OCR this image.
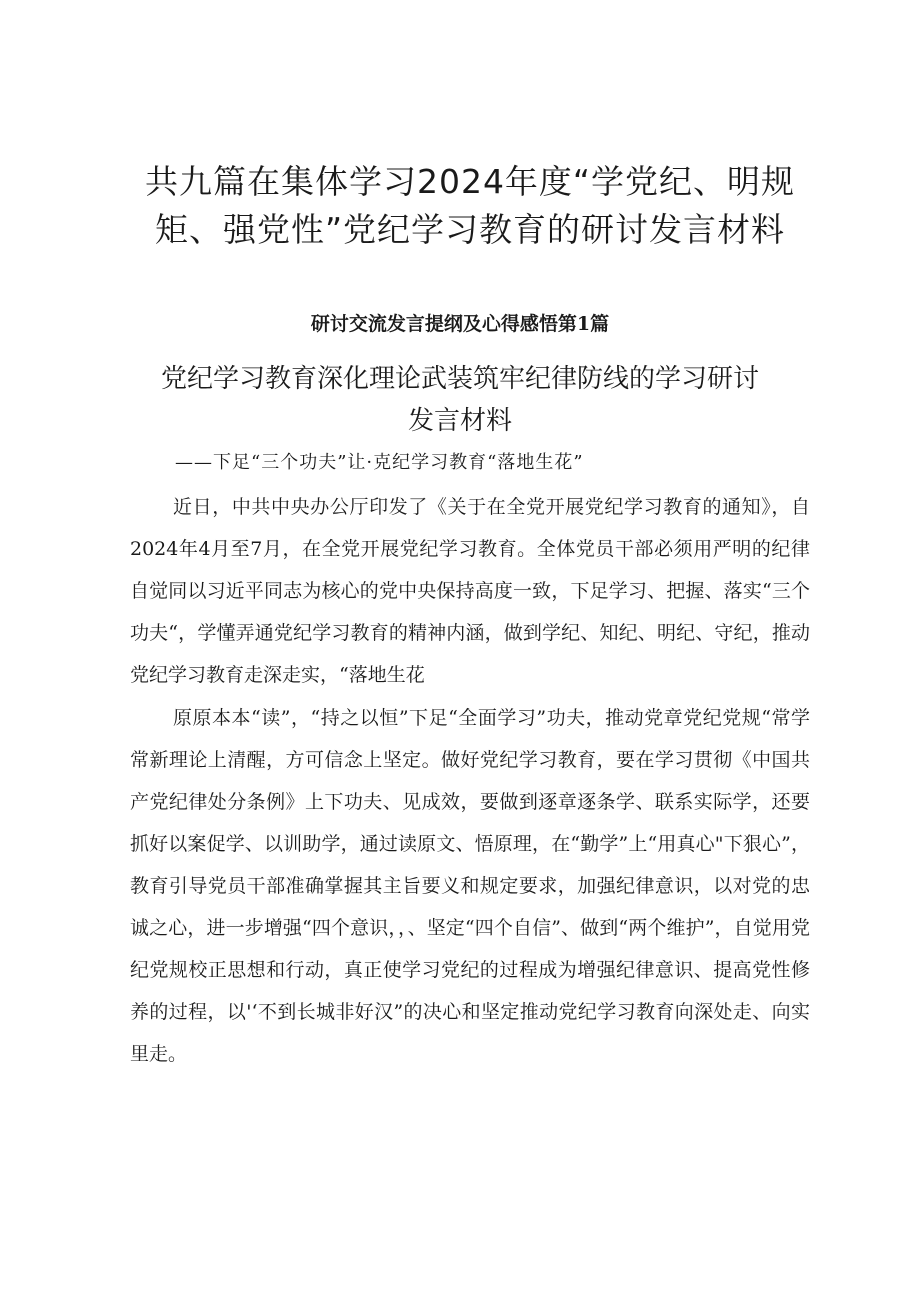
共九篇在集体学习2024年度“学党纪、明规矩、强党性”党纪学习教育的研讨发言材料
研讨交流发言提纲及心得感悟第1篇
党纪学习教育深化理论武装筑牢纪律防线的学习研讨发言材料

——下足“三个功夫”让·克纪学习教育“落地生花”

近日，中共中央办公厅印发了《关于在全党开展党纪学习教育的通知》，自2024年4月至7月，在全党开展党纪学习教育。全体党员干部必须用严明的纪律自觉同以习近平同志为核心的党中央保持高度一致，下足学习、把握、落实“三个功夫“，学懂弄通党纪学习教育的精神内涵，做到学纪、知纪、明纪、守纪，推动党纪学习教育走深走实，“落地生花

原原本本“读”，“持之以恒”下足“全面学习”功夫，推动党章党纪党规“常学常新理论上清醒，方可信念上坚定。做好党纪学习教育，要在学习贯彻《中国共产党纪律处分条例》上下功夫、见成效，要做到逐章逐条学、联系实际学，还要抓好以案促学、以训助学，通过读原文、悟原理，在“勤学”上“用真心"下狠心”，教育引导党员干部准确掌握其主旨要义和规定要求，加强纪律意识，以对党的忠诚之心，进一步增强“四个意识，，、坚定“四个自信”、做到“两个维护”，自觉用党纪党规校正思想和行动，真正使学习党纪的过程成为增强纪律意识、提高党性修养的过程，以'‘不到长城非好汉”的决心和坚定推动党纪学习教育向深处走、向实里走。
